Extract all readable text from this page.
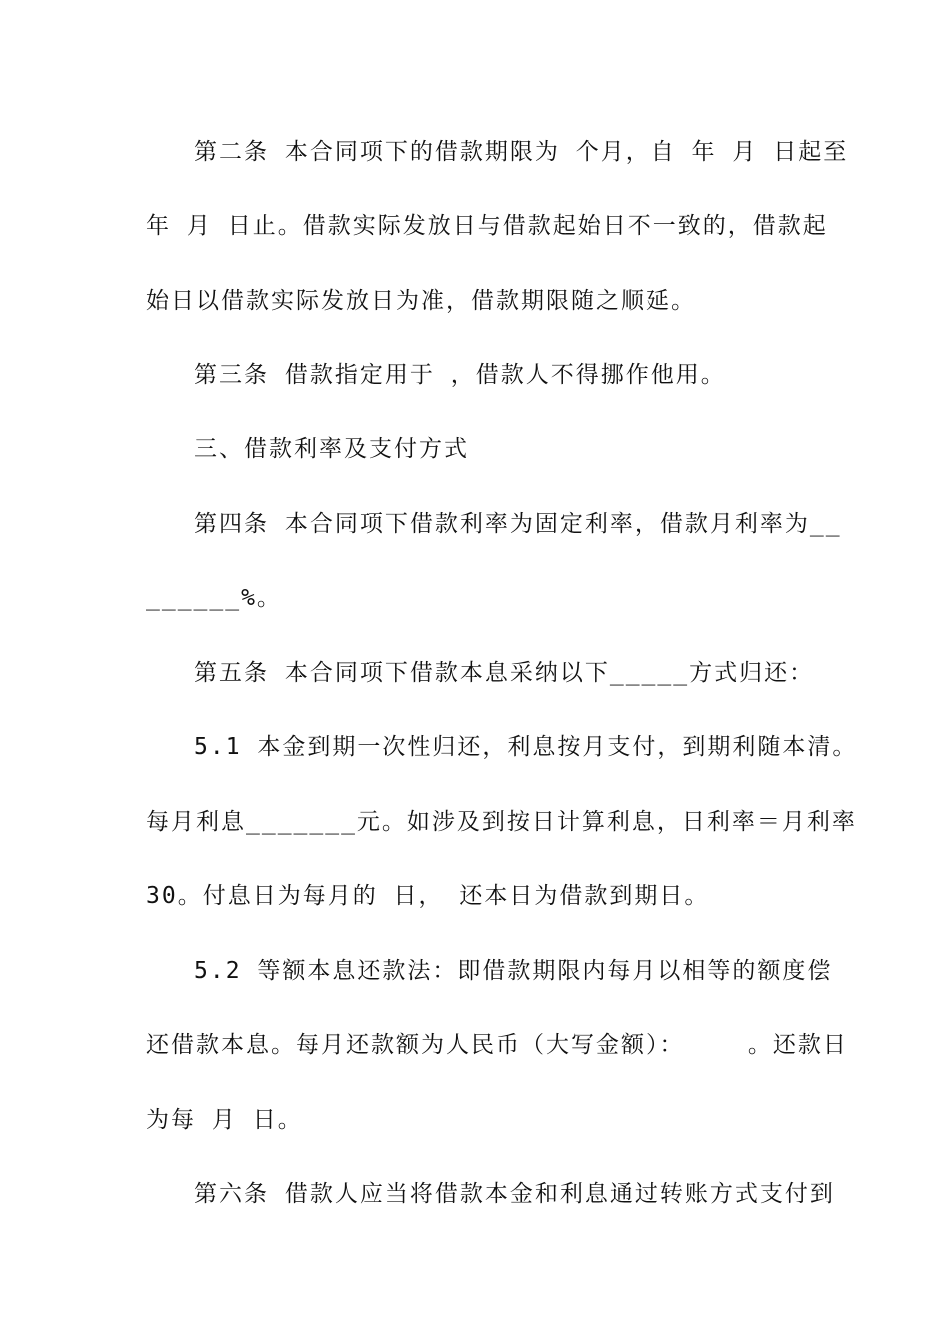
第二条 本合同项下的借款期限为 个月，自 年 月 日起至
年 月 日止。借款实际发放日与借款起始日不一致的，借款起
始日以借款实际发放日为准，借款期限随之顺延。
第三条 借款指定用于 ，借款人不得挪作他用。
三、借款利率及支付方式
第四条 本合同项下借款利率为固定利率，借款月利率为__
______%。
第五条 本合同项下借款本息采纳以下_____方式归还：
5.1 本金到期一次性归还，利息按月支付，到期利随本清。
每月利息_______元。如涉及到按日计算利息，日利率＝月利率
30。付息日为每月的 日， 还本日为借款到期日。
5.2 等额本息还款法：即借款期限内每月以相等的额度偿
还借款本息。每月还款额为人民币（大写金额）：    。还款日
为每 月 日。
第六条 借款人应当将借款本金和利息通过转账方式支付到
